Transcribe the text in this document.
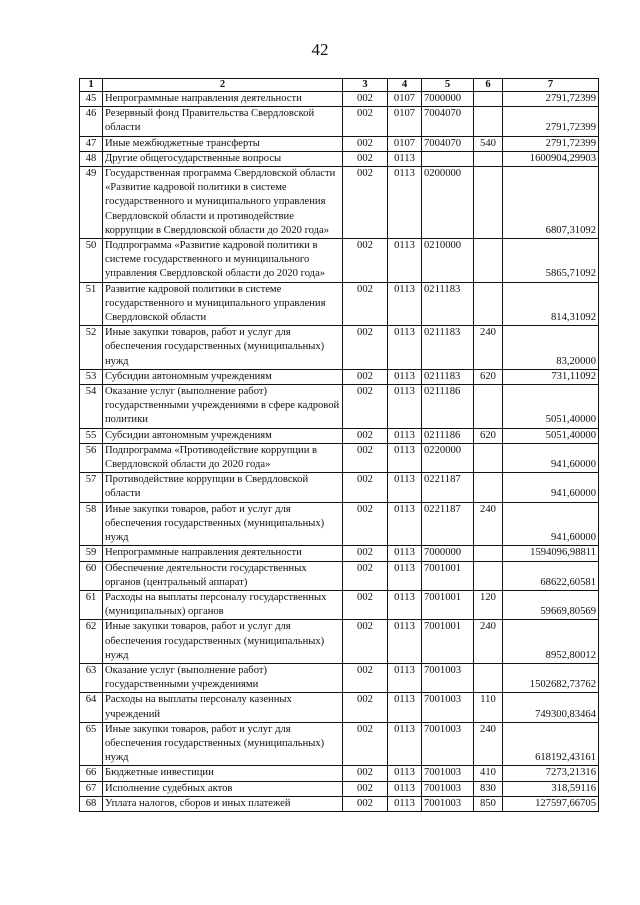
42
1	2	3	4	5	6	7
45	Непрограммные направления деятельности	002	0107	7000000		2791,72399
46	Резервный фонд Правительства Свердловской области	002	0107	7004070		2791,72399
47	Иные межбюджетные трансферты	002	0107	7004070	540	2791,72399
48	Другие общегосударственные вопросы	002	0113			1600904,29903
49	Государственная программа Свердловской области «Развитие кадровой политики в системе государственного и муниципального управления Свердловской области и противодействие коррупции в Свердловской области до 2020 года»	002	0113	0200000		6807,31092
50	Подпрограмма «Развитие кадровой политики в системе государственного и муниципального управления Свердловской области до 2020 года»	002	0113	0210000		5865,71092
51	Развитие кадровой политики в системе государственного и муниципального управления Свердловской области	002	0113	0211183		814,31092
52	Иные закупки товаров, работ и услуг для обеспечения государственных (муниципальных) нужд	002	0113	0211183	240	83,20000
53	Субсидии автономным учреждениям	002	0113	0211183	620	731,11092
54	Оказание услуг (выполнение работ) государственными учреждениями в сфере кадровой политики	002	0113	0211186		5051,40000
55	Субсидии автономным учреждениям	002	0113	0211186	620	5051,40000
56	Подпрограмма «Противодействие коррупции в Свердловской области до 2020 года»	002	0113	0220000		941,60000
57	Противодействие коррупции в Свердловской области	002	0113	0221187		941,60000
58	Иные закупки товаров, работ и услуг для обеспечения государственных (муниципальных) нужд	002	0113	0221187	240	941,60000
59	Непрограммные направления деятельности	002	0113	7000000		1594096,98811
60	Обеспечение деятельности государственных органов (центральный аппарат)	002	0113	7001001		68622,60581
61	Расходы на выплаты персоналу государственных (муниципальных) органов	002	0113	7001001	120	59669,80569
62	Иные закупки товаров, работ и услуг для обеспечения государственных (муниципальных) нужд	002	0113	7001001	240	8952,80012
63	Оказание услуг (выполнение работ) государственными учреждениями	002	0113	7001003		1502682,73762
64	Расходы на выплаты персоналу казенных учреждений	002	0113	7001003	110	749300,83464
65	Иные закупки товаров, работ и услуг для обеспечения государственных (муниципальных) нужд	002	0113	7001003	240	618192,43161
66	Бюджетные инвестиции	002	0113	7001003	410	7273,21316
67	Исполнение судебных актов	002	0113	7001003	830	318,59116
68	Уплата налогов, сборов и иных платежей	002	0113	7001003	850	127597,66705
